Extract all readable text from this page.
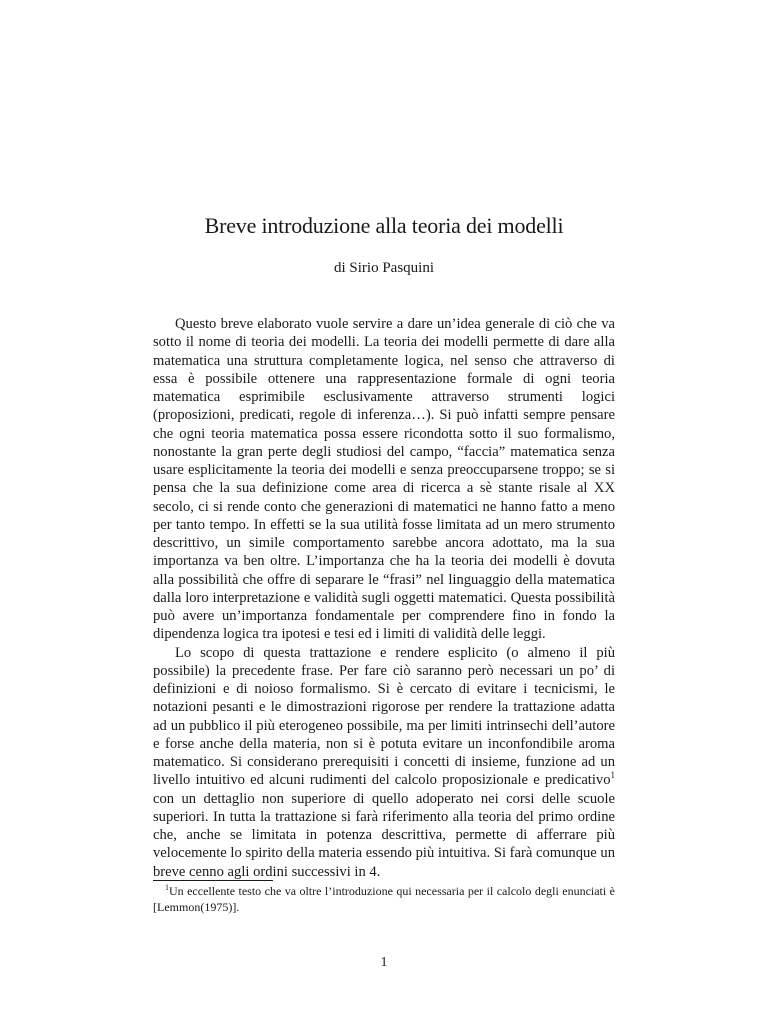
Breve introduzione alla teoria dei modelli
di Sirio Pasquini

Questo breve elaborato vuole servire a dare un’idea generale di ciò che va sotto il nome di teoria dei modelli. La teoria dei modelli permette di dare alla matematica una struttura completamente logica, nel senso che attraverso di essa è possibile ottenere una rappresentazione formale di ogni teoria matematica esprimibile esclusivamente attraverso strumenti logici (proposizioni, predicati, regole di inferenza…). Si può infatti sempre pensare che ogni teoria matematica possa essere ricondotta sotto il suo formalismo, nonostante la gran perte degli studiosi del campo, “faccia” matematica senza usare esplicitamente la teoria dei modelli e senza preoccuparsene troppo; se si pensa che la sua definizione come area di ricerca a sè stante risale al XX secolo, ci si rende conto che generazioni di matematici ne hanno fatto a meno per tanto tempo. In effetti se la sua utilità fosse limitata ad un mero strumento descrittivo, un simile comportamento sarebbe ancora adottato, ma la sua importanza va ben oltre. L’importanza che ha la teoria dei modelli è dovuta alla possibilità che offre di separare le “frasi” nel linguaggio della matematica dalla loro interpretazione e validità sugli oggetti matematici. Questa possibilità può avere un’importanza fondamentale per comprendere fino in fondo la dipendenza logica tra ipotesi e tesi ed i limiti di validità delle leggi.

Lo scopo di questa trattazione e rendere esplicito (o almeno il più possibile) la precedente frase. Per fare ciò saranno però necessari un po’ di definizioni e di noioso formalismo. Si è cercato di evitare i tecnicismi, le notazioni pesanti e le dimostrazioni rigorose per rendere la trattazione adatta ad un pubblico il più eterogeneo possibile, ma per limiti intrinsechi dell’autore e forse anche della materia, non si è potuta evitare un inconfondibile aroma matematico. Si considerano prerequisiti i concetti di insieme, funzione ad un livello intuitivo ed alcuni rudimenti del calcolo proposizionale e predicativo$^1$ con un dettaglio non superiore di quello adoperato nei corsi delle scuole superiori. In tutta la trattazione si farà riferimento alla teoria del primo ordine che, anche se limitata in potenza descrittiva, permette di afferrare più velocemente lo spirito della materia essendo più intuitiva. Si farà comunque un breve cenno agli ordini successivi in 4.

$^1$Un eccellente testo che va oltre l’introduzione qui necessaria per il calcolo degli enunciati è [Lemmon(1975)].
1
